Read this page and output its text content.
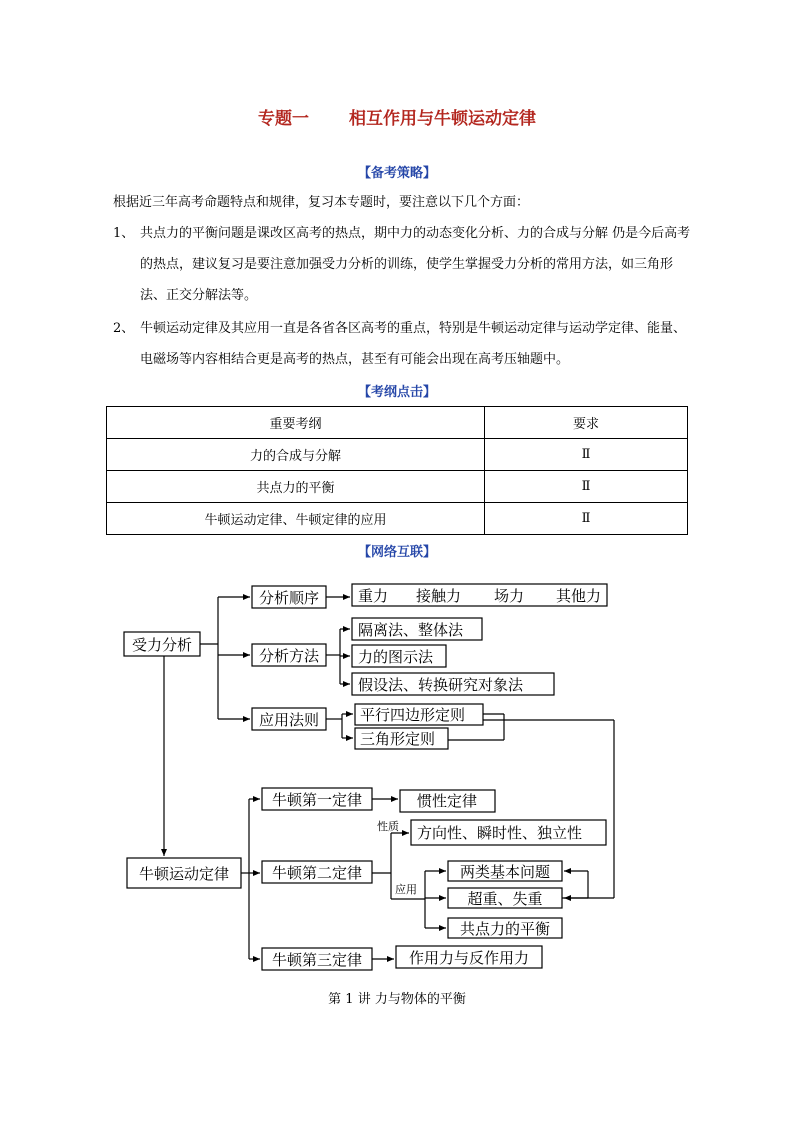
专题一 相互作用与牛顿运动定律
【备考策略】
根据近三年高考命题特点和规律，复习本专题时，要注意以下几个方面：
1、 共点力的平衡问题是课改区高考的热点，期中力的动态变化分析、力的合成与分解 仍是今后高考的热点，建议复习是要注意加强受力分析的训练，使学生掌握受力分析的常用方法，如三角形法、正交分解法等。
2、 牛顿运动定律及其应用一直是各省各区高考的重点，特别是牛顿运动定律与运动学定律、能量、电磁场等内容相结合更是高考的热点，甚至有可能会出现在高考压轴题中。
【考纲点击】
重要考纲	要求
力的合成与分解	Ⅱ
共点力的平衡	Ⅱ
牛顿运动定律、牛顿定律的应用	Ⅱ
【网络互联】
受力分析
分析顺序	重力 接触力 场力 其他力
分析方法
隔离法、整体法
力的图示法
假设法、转换研究对象法
应用法则	平行四边形定则
三角形定则
牛顿运动定律
牛顿第一定律	惯性定律
牛顿第二定律
方向性、瞬时性、独立性
两类基本问题
超重、失重
共点力的平衡
牛顿第三定律	作用力与反作用力
性质
应用
第 1 讲 力与物体的平衡
